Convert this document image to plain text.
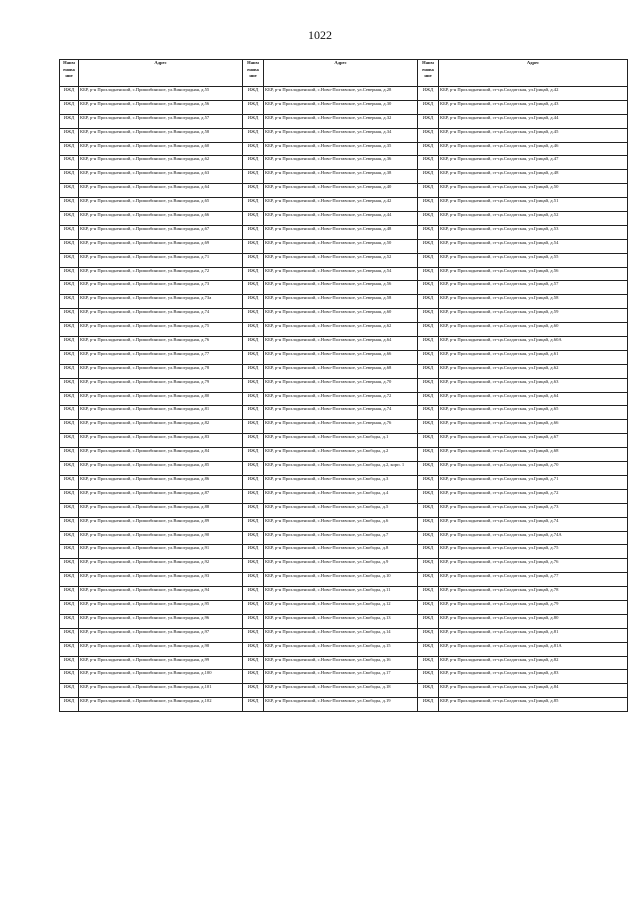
1022
Наим енова ние	Адрес	Наим енова ние	Адрес	Наим енова ние	Адрес
ИЖД	КБР, р-н Прохладненский, с.Пришибинское, ул.Виноградная, д.55	ИЖД	КБР, р-н Прохладненский, с.Ново-Полтавское, ул.Северная, д.28	ИЖД	КБР, р-н Прохладненский, ст-ца.Солдатская, ул.Грицай, д.42
ИЖД	КБР, р-н Прохладненский, с.Пришибинское, ул.Виноградная, д.56	ИЖД	КБР, р-н Прохладненский, с.Ново-Полтавское, ул.Северная, д.30	ИЖД	КБР, р-н Прохладненский, ст-ца.Солдатская, ул.Грицай, д.43
ИЖД	КБР, р-н Прохладненский, с.Пришибинское, ул.Виноградная, д.57	ИЖД	КБР, р-н Прохладненский, с.Ново-Полтавское, ул.Северная, д.32	ИЖД	КБР, р-н Прохладненский, ст-ца.Солдатская, ул.Грицай, д.44
ИЖД	КБР, р-н Прохладненский, с.Пришибинское, ул.Виноградная, д.58	ИЖД	КБР, р-н Прохладненский, с.Ново-Полтавское, ул.Северная, д.34	ИЖД	КБР, р-н Прохладненский, ст-ца.Солдатская, ул.Грицай, д.45
ИЖД	КБР, р-н Прохладненский, с.Пришибинское, ул.Виноградная, д.60	ИЖД	КБР, р-н Прохладненский, с.Ново-Полтавское, ул.Северная, д.35	ИЖД	КБР, р-н Прохладненский, ст-ца.Солдатская, ул.Грицай, д.46
ИЖД	КБР, р-н Прохладненский, с.Пришибинское, ул.Виноградная, д.62	ИЖД	КБР, р-н Прохладненский, с.Ново-Полтавское, ул.Северная, д.36	ИЖД	КБР, р-н Прохладненский, ст-ца.Солдатская, ул.Грицай, д.47
ИЖД	КБР, р-н Прохладненский, с.Пришибинское, ул.Виноградная, д.63	ИЖД	КБР, р-н Прохладненский, с.Ново-Полтавское, ул.Северная, д.38	ИЖД	КБР, р-н Прохладненский, ст-ца.Солдатская, ул.Грицай, д.48
ИЖД	КБР, р-н Прохладненский, с.Пришибинское, ул.Виноградная, д.64	ИЖД	КБР, р-н Прохладненский, с.Ново-Полтавское, ул.Северная, д.40	ИЖД	КБР, р-н Прохладненский, ст-ца.Солдатская, ул.Грицай, д.50
ИЖД	КБР, р-н Прохладненский, с.Пришибинское, ул.Виноградная, д.65	ИЖД	КБР, р-н Прохладненский, с.Ново-Полтавское, ул.Северная, д.42	ИЖД	КБР, р-н Прохладненский, ст-ца.Солдатская, ул.Грицай, д.51
ИЖД	КБР, р-н Прохладненский, с.Пришибинское, ул.Виноградная, д.66	ИЖД	КБР, р-н Прохладненский, с.Ново-Полтавское, ул.Северная, д.44	ИЖД	КБР, р-н Прохладненский, ст-ца.Солдатская, ул.Грицай, д.52
ИЖД	КБР, р-н Прохладненский, с.Пришибинское, ул.Виноградная, д.67	ИЖД	КБР, р-н Прохладненский, с.Ново-Полтавское, ул.Северная, д.48	ИЖД	КБР, р-н Прохладненский, ст-ца.Солдатская, ул.Грицай, д.53
ИЖД	КБР, р-н Прохладненский, с.Пришибинское, ул.Виноградная, д.69	ИЖД	КБР, р-н Прохладненский, с.Ново-Полтавское, ул.Северная, д.50	ИЖД	КБР, р-н Прохладненский, ст-ца.Солдатская, ул.Грицай, д.54
ИЖД	КБР, р-н Прохладненский, с.Пришибинское, ул.Виноградная, д.71	ИЖД	КБР, р-н Прохладненский, с.Ново-Полтавское, ул.Северная, д.52	ИЖД	КБР, р-н Прохладненский, ст-ца.Солдатская, ул.Грицай, д.55
ИЖД	КБР, р-н Прохладненский, с.Пришибинское, ул.Виноградная, д.72	ИЖД	КБР, р-н Прохладненский, с.Ново-Полтавское, ул.Северная, д.54	ИЖД	КБР, р-н Прохладненский, ст-ца.Солдатская, ул.Грицай, д.56
ИЖД	КБР, р-н Прохладненский, с.Пришибинское, ул.Виноградная, д.73	ИЖД	КБР, р-н Прохладненский, с.Ново-Полтавское, ул.Северная, д.56	ИЖД	КБР, р-н Прохладненский, ст-ца.Солдатская, ул.Грицай, д.57
ИЖД	КБР, р-н Прохладненский, с.Пришибинское, ул.Виноградная, д.73а	ИЖД	КБР, р-н Прохладненский, с.Ново-Полтавское, ул.Северная, д.58	ИЖД	КБР, р-н Прохладненский, ст-ца.Солдатская, ул.Грицай, д.58
ИЖД	КБР, р-н Прохладненский, с.Пришибинское, ул.Виноградная, д.74	ИЖД	КБР, р-н Прохладненский, с.Ново-Полтавское, ул.Северная, д.60	ИЖД	КБР, р-н Прохладненский, ст-ца.Солдатская, ул.Грицай, д.59
ИЖД	КБР, р-н Прохладненский, с.Пришибинское, ул.Виноградная, д.75	ИЖД	КБР, р-н Прохладненский, с.Ново-Полтавское, ул.Северная, д.62	ИЖД	КБР, р-н Прохладненский, ст-ца.Солдатская, ул.Грицай, д.60
ИЖД	КБР, р-н Прохладненский, с.Пришибинское, ул.Виноградная, д.76	ИЖД	КБР, р-н Прохладненский, с.Ново-Полтавское, ул.Северная, д.64	ИЖД	КБР, р-н Прохладненский, ст-ца.Солдатская, ул.Грицай, д.60А
ИЖД	КБР, р-н Прохладненский, с.Пришибинское, ул.Виноградная, д.77	ИЖД	КБР, р-н Прохладненский, с.Ново-Полтавское, ул.Северная, д.66	ИЖД	КБР, р-н Прохладненский, ст-ца.Солдатская, ул.Грицай, д.61
ИЖД	КБР, р-н Прохладненский, с.Пришибинское, ул.Виноградная, д.78	ИЖД	КБР, р-н Прохладненский, с.Ново-Полтавское, ул.Северная, д.68	ИЖД	КБР, р-н Прохладненский, ст-ца.Солдатская, ул.Грицай, д.62
ИЖД	КБР, р-н Прохладненский, с.Пришибинское, ул.Виноградная, д.79	ИЖД	КБР, р-н Прохладненский, с.Ново-Полтавское, ул.Северная, д.70	ИЖД	КБР, р-н Прохладненский, ст-ца.Солдатская, ул.Грицай, д.63
ИЖД	КБР, р-н Прохладненский, с.Пришибинское, ул.Виноградная, д.80	ИЖД	КБР, р-н Прохладненский, с.Ново-Полтавское, ул.Северная, д.72	ИЖД	КБР, р-н Прохладненский, ст-ца.Солдатская, ул.Грицай, д.64
ИЖД	КБР, р-н Прохладненский, с.Пришибинское, ул.Виноградная, д.81	ИЖД	КБР, р-н Прохладненский, с.Ново-Полтавское, ул.Северная, д.74	ИЖД	КБР, р-н Прохладненский, ст-ца.Солдатская, ул.Грицай, д.65
ИЖД	КБР, р-н Прохладненский, с.Пришибинское, ул.Виноградная, д.82	ИЖД	КБР, р-н Прохладненский, с.Ново-Полтавское, ул.Северная, д.76	ИЖД	КБР, р-н Прохладненский, ст-ца.Солдатская, ул.Грицай, д.66
ИЖД	КБР, р-н Прохладненский, с.Пришибинское, ул.Виноградная, д.83	ИЖД	КБР, р-н Прохладненский, с.Ново-Полтавское, ул.Свободы, д.1	ИЖД	КБР, р-н Прохладненский, ст-ца.Солдатская, ул.Грицай, д.67
ИЖД	КБР, р-н Прохладненский, с.Пришибинское, ул.Виноградная, д.84	ИЖД	КБР, р-н Прохладненский, с.Ново-Полтавское, ул.Свободы, д.2	ИЖД	КБР, р-н Прохладненский, ст-ца.Солдатская, ул.Грицай, д.68
ИЖД	КБР, р-н Прохладненский, с.Пришибинское, ул.Виноградная, д.85	ИЖД	КБР, р-н Прохладненский, с.Ново-Полтавское, ул.Свободы, д.2, корп. 1	ИЖД	КБР, р-н Прохладненский, ст-ца.Солдатская, ул.Грицай, д.70
ИЖД	КБР, р-н Прохладненский, с.Пришибинское, ул.Виноградная, д.86	ИЖД	КБР, р-н Прохладненский, с.Ново-Полтавское, ул.Свободы, д.3	ИЖД	КБР, р-н Прохладненский, ст-ца.Солдатская, ул.Грицай, д.71
ИЖД	КБР, р-н Прохладненский, с.Пришибинское, ул.Виноградная, д.87	ИЖД	КБР, р-н Прохладненский, с.Ново-Полтавское, ул.Свободы, д.4	ИЖД	КБР, р-н Прохладненский, ст-ца.Солдатская, ул.Грицай, д.72
ИЖД	КБР, р-н Прохладненский, с.Пришибинское, ул.Виноградная, д.88	ИЖД	КБР, р-н Прохладненский, с.Ново-Полтавское, ул.Свободы, д.5	ИЖД	КБР, р-н Прохладненский, ст-ца.Солдатская, ул.Грицай, д.73
ИЖД	КБР, р-н Прохладненский, с.Пришибинское, ул.Виноградная, д.89	ИЖД	КБР, р-н Прохладненский, с.Ново-Полтавское, ул.Свободы, д.6	ИЖД	КБР, р-н Прохладненский, ст-ца.Солдатская, ул.Грицай, д.74
ИЖД	КБР, р-н Прохладненский, с.Пришибинское, ул.Виноградная, д.90	ИЖД	КБР, р-н Прохладненский, с.Ново-Полтавское, ул.Свободы, д.7	ИЖД	КБР, р-н Прохладненский, ст-ца.Солдатская, ул.Грицай, д.74А
ИЖД	КБР, р-н Прохладненский, с.Пришибинское, ул.Виноградная, д.91	ИЖД	КБР, р-н Прохладненский, с.Ново-Полтавское, ул.Свободы, д.8	ИЖД	КБР, р-н Прохладненский, ст-ца.Солдатская, ул.Грицай, д.75
ИЖД	КБР, р-н Прохладненский, с.Пришибинское, ул.Виноградная, д.92	ИЖД	КБР, р-н Прохладненский, с.Ново-Полтавское, ул.Свободы, д.9	ИЖД	КБР, р-н Прохладненский, ст-ца.Солдатская, ул.Грицай, д.76
ИЖД	КБР, р-н Прохладненский, с.Пришибинское, ул.Виноградная, д.93	ИЖД	КБР, р-н Прохладненский, с.Ново-Полтавское, ул.Свободы, д.10	ИЖД	КБР, р-н Прохладненский, ст-ца.Солдатская, ул.Грицай, д.77
ИЖД	КБР, р-н Прохладненский, с.Пришибинское, ул.Виноградная, д.94	ИЖД	КБР, р-н Прохладненский, с.Ново-Полтавское, ул.Свободы, д.11	ИЖД	КБР, р-н Прохладненский, ст-ца.Солдатская, ул.Грицай, д.78
ИЖД	КБР, р-н Прохладненский, с.Пришибинское, ул.Виноградная, д.95	ИЖД	КБР, р-н Прохладненский, с.Ново-Полтавское, ул.Свободы, д.12	ИЖД	КБР, р-н Прохладненский, ст-ца.Солдатская, ул.Грицай, д.79
ИЖД	КБР, р-н Прохладненский, с.Пришибинское, ул.Виноградная, д.96	ИЖД	КБР, р-н Прохладненский, с.Ново-Полтавское, ул.Свободы, д.13	ИЖД	КБР, р-н Прохладненский, ст-ца.Солдатская, ул.Грицай, д.80
ИЖД	КБР, р-н Прохладненский, с.Пришибинское, ул.Виноградная, д.97	ИЖД	КБР, р-н Прохладненский, с.Ново-Полтавское, ул.Свободы, д.14	ИЖД	КБР, р-н Прохладненский, ст-ца.Солдатская, ул.Грицай, д.81
ИЖД	КБР, р-н Прохладненский, с.Пришибинское, ул.Виноградная, д.98	ИЖД	КБР, р-н Прохладненский, с.Ново-Полтавское, ул.Свободы, д.15	ИЖД	КБР, р-н Прохладненский, ст-ца.Солдатская, ул.Грицай, д.81А
ИЖД	КБР, р-н Прохладненский, с.Пришибинское, ул.Виноградная, д.99	ИЖД	КБР, р-н Прохладненский, с.Ново-Полтавское, ул.Свободы, д.16	ИЖД	КБР, р-н Прохладненский, ст-ца.Солдатская, ул.Грицай, д.82
ИЖД	КБР, р-н Прохладненский, с.Пришибинское, ул.Виноградная, д.100	ИЖД	КБР, р-н Прохладненский, с.Ново-Полтавское, ул.Свободы, д.17	ИЖД	КБР, р-н Прохладненский, ст-ца.Солдатская, ул.Грицай, д.83
ИЖД	КБР, р-н Прохладненский, с.Пришибинское, ул.Виноградная, д.101	ИЖД	КБР, р-н Прохладненский, с.Ново-Полтавское, ул.Свободы, д.18	ИЖД	КБР, р-н Прохладненский, ст-ца.Солдатская, ул.Грицай, д.84
ИЖД	КБР, р-н Прохладненский, с.Пришибинское, ул.Виноградная, д.102	ИЖД	КБР, р-н Прохладненский, с.Ново-Полтавское, ул.Свободы, д.19	ИЖД	КБР, р-н Прохладненский, ст-ца.Солдатская, ул.Грицай, д.85
